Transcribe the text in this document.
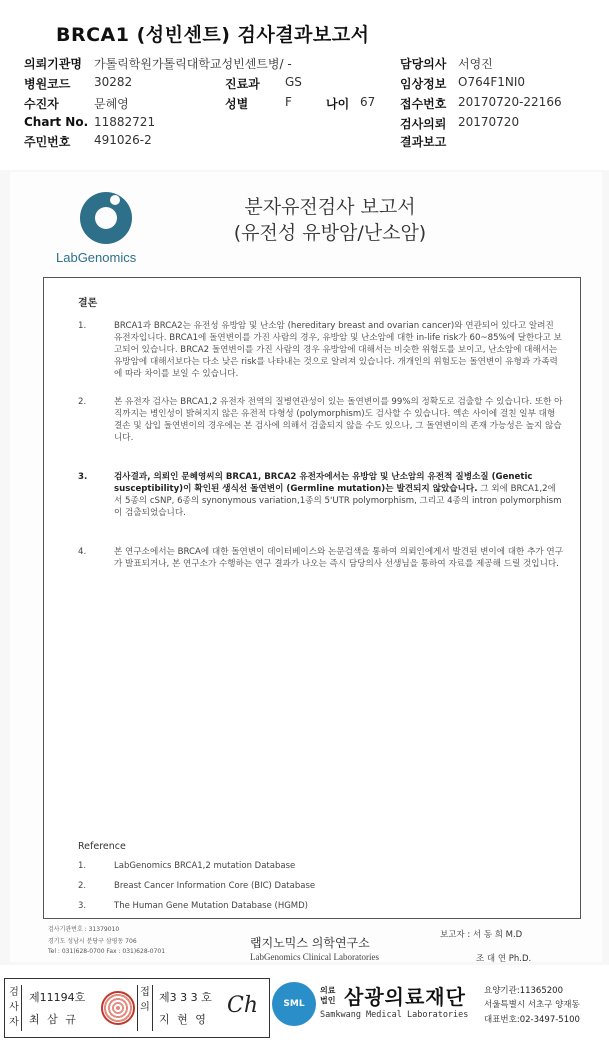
BRCA1 (성빈센트) 검사결과보고서
의뢰기관명 가톨릭학원가톨릭대학교성빈센트병/ -
병원코드 30282	진료과 GS
수진자	문혜영	성별	F	나이 67
Chart No. 11882721
주민번호 491026-2
담당의사 서영진
임상정보 O764F1NI0
접수번호 20170720-22166
검사의뢰 20170720
결과보고
LabGenomics
분자유전검사 보고서
(유전성 유방암/난소암)
결론
1.	BRCA1과 BRCA2는 유전성 유방암 및 난소암 (hereditary breast and ovarian cancer)와 연관되어 있다고 알려진 유전자입니다. BRCA1에 돌연변이를 가진 사람의 경우, 유방암 및 난소암에 대한 in-life risk가 60~85%에 달한다고 보고되어 있습니다. BRCA2 돌연변이를 가진 사람의 경우 유방암에 대해서는 비슷한 위험도를 보이고, 난소암에 대해서는 유방암에 대해서보다는 다소 낮은 risk를 나타내는 것으로 알려져 있습니다. 개개인의 위험도는 돌연변이 유형과 가족력에 따라 차이를 보일 수 있습니다.
2.	본 유전자 검사는 BRCA1,2 유전자 전역의 질병연관성이 있는 돌연변이를 99%의 정확도로 검출할 수 있습니다. 또한 아직까지는 병인성이 밝혀지지 않은 유전적 다형성 (polymorphism)도 검사할 수 있습니다. 엑손 사이에 걸친 일부 대형 결손 및 삽입 돌연변이의 경우에는 본 검사에 의해서 검출되지 않을 수도 있으나, 그 돌연변이의 존재 가능성은 높지 않습니다.
3.	검사결과, 의뢰인 문혜영씨의 BRCA1, BRCA2 유전자에서는 유방암 및 난소암의 유전적 질병소질 (Genetic susceptibility)이 확인된 생식선 돌연변이 (Germline mutation)는 발견되지 않았습니다. 그 외에 BRCA1,2에서 5종의 cSNP, 6종의 synonymous variation,1종의 5'UTR polymorphism, 그리고 4종의 intron polymorphism이 검출되었습니다.
4.	본 연구소에서는 BRCA에 대한 돌연변이 데이터베이스와 논문검색을 통하여 의뢰인에게서 발견된 변이에 대한 추가 연구가 발표되거나, 본 연구소가 수행하는 연구 결과가 나오는 즉시 담당의사 선생님을 통하여 자료를 제공해 드릴 것입니다.
Reference
1.	LabGenomics BRCA1,2 mutation Database
2.	Breast Cancer Information Core (BIC) Database
3.	The Human Gene Mutation Database (HGMD)
검사기관번호 : 31379010
경기도 성남시 분당구 삼평동 706
Tel : 031)628-0700 Fax : 031)628-0701
랩지노믹스 의학연구소
LabGenomics Clinical Laboratories
보고자 : 서 동 희 M.D
조 대 연 Ph.D.
검사자
제11194호
최 삼 규
접의
제3 3 3 호
지 현 영
Ch	SML
의료
법인 삼광의료재단
Samkwang Medical Laboratories
요양기관:11365200
서울특별시 서초구 양재동
대표번호:02-3497-5100
